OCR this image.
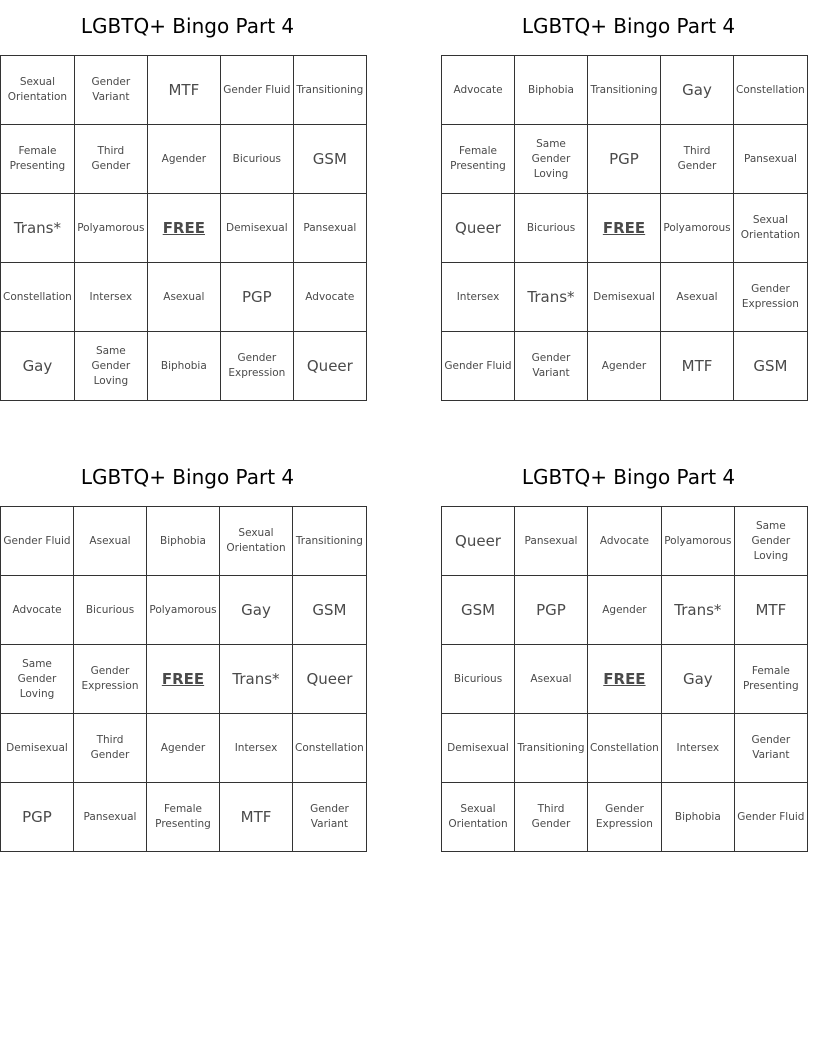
LGBTQ+ Bingo Part 4
Sexual Orientation	Gender Variant	MTF	Gender Fluid	Transitioning
Female Presenting	Third Gender	Agender	Bicurious	GSM
Trans*	Polyamorous	FREE	Demisexual	Pansexual
Constellation	Intersex	Asexual	PGP	Advocate
Gay	Same Gender Loving	Biphobia	Gender Expression	Queer
LGBTQ+ Bingo Part 4
Advocate	Biphobia	Transitioning	Gay	Constellation
Female Presenting	Same Gender Loving	PGP	Third Gender	Pansexual
Queer	Bicurious	FREE	Polyamorous	Sexual Orientation
Intersex	Trans*	Demisexual	Asexual	Gender Expression
Gender Fluid	Gender Variant	Agender	MTF	GSM
LGBTQ+ Bingo Part 4
Gender Fluid	Asexual	Biphobia	Sexual Orientation	Transitioning
Advocate	Bicurious	Polyamorous	Gay	GSM
Same Gender Loving	Gender Expression	FREE	Trans*	Queer
Demisexual	Third Gender	Agender	Intersex	Constellation
PGP	Pansexual	Female Presenting	MTF	Gender Variant
LGBTQ+ Bingo Part 4
Queer	Pansexual	Advocate	Polyamorous	Same Gender Loving
GSM	PGP	Agender	Trans*	MTF
Bicurious	Asexual	FREE	Gay	Female Presenting
Demisexual	Transitioning	Constellation	Intersex	Gender Variant
Sexual Orientation	Third Gender	Gender Expression	Biphobia	Gender Fluid
